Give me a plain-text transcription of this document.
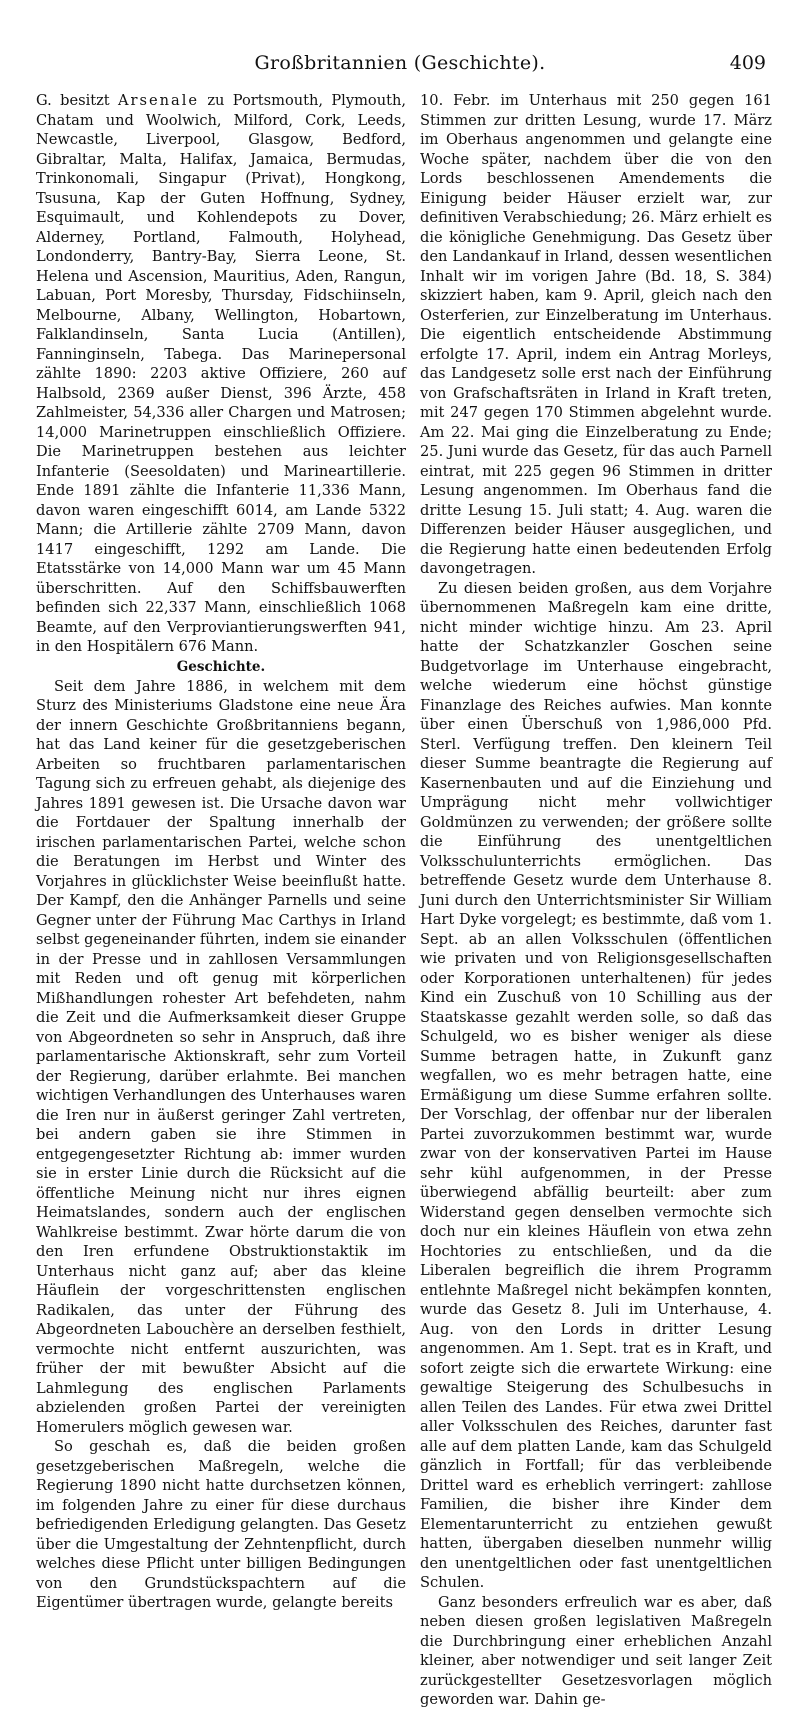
Großbritannien (Geschichte).	409

G. besitzt Arsenale zu Portsmouth, Plymouth, Chatam und Woolwich, Milford, Cork, Leeds, Newcastle, Liverpool, Glasgow, Bedford, Gibraltar, Malta, Halifax, Jamaica, Bermudas, Trinkonomali, Singapur (Privat), Hongkong, Tsusuna, Kap der Guten Hoffnung, Sydney, Esquimault, und Kohlendepots zu Dover, Alderney, Portland, Falmouth, Holyhead, Londonderry, Bantry-Bay, Sierra Leone, St. Helena und Ascension, Mauritius, Aden, Rangun, Labuan, Port Moresby, Thursday, Fidschiinseln, Melbourne, Albany, Wellington, Hobartown, Falklandinseln, Santa Lucia (Antillen), Fanninginseln, Tabega. Das Marinepersonal zählte 1890: 2203 aktive Offiziere, 260 auf Halbsold, 2369 außer Dienst, 396 Ärzte, 458 Zahlmeister, 54,336 aller Chargen und Matrosen; 14,000 Marinetruppen einschließlich Offiziere. Die Marinetruppen bestehen aus leichter Infanterie (Seesoldaten) und Marineartillerie. Ende 1891 zählte die Infanterie 11,336 Mann, davon waren eingeschifft 6014, am Lande 5322 Mann; die Artillerie zählte 2709 Mann, davon 1417 eingeschifft, 1292 am Lande. Die Etatsstärke von 14,000 Mann war um 45 Mann überschritten. Auf den Schiffsbauwerften befinden sich 22,337 Mann, einschließlich 1068 Beamte, auf den Verproviantierungswerften 941, in den Hospitälern 676 Mann.

Geschichte.

Seit dem Jahre 1886, in welchem mit dem Sturz des Ministeriums Gladstone eine neue Ära der innern Geschichte Großbritanniens begann, hat das Land keiner für die gesetzgeberischen Arbeiten so fruchtbaren parlamentarischen Tagung sich zu erfreuen gehabt, als diejenige des Jahres 1891 gewesen ist. Die Ursache davon war die Fortdauer der Spaltung innerhalb der irischen parlamentarischen Partei, welche schon die Beratungen im Herbst und Winter des Vorjahres in glücklichster Weise beeinflußt hatte. Der Kampf, den die Anhänger Parnells und seine Gegner unter der Führung Mac Carthys in Irland selbst gegeneinander führten, indem sie einander in der Presse und in zahllosen Versammlungen mit Reden und oft genug mit körperlichen Mißhandlungen rohester Art befehdeten, nahm die Zeit und die Aufmerksamkeit dieser Gruppe von Abgeordneten so sehr in Anspruch, daß ihre parlamentarische Aktionskraft, sehr zum Vorteil der Regierung, darüber erlahmte. Bei manchen wichtigen Verhandlungen des Unterhauses waren die Iren nur in äußerst geringer Zahl vertreten, bei andern gaben sie ihre Stimmen in entgegengesetzter Richtung ab: immer wurden sie in erster Linie durch die Rücksicht auf die öffentliche Meinung nicht nur ihres eignen Heimatslandes, sondern auch der englischen Wahlkreise bestimmt. Zwar hörte darum die von den Iren erfundene Obstruktionstaktik im Unterhaus nicht ganz auf; aber das kleine Häuflein der vorgeschrittensten englischen Radikalen, das unter der Führung des Abgeordneten Labouchère an derselben festhielt, vermochte nicht entfernt auszurichten, was früher der mit bewußter Absicht auf die Lahmlegung des englischen Parlaments abzielenden großen Partei der vereinigten Homerulers möglich gewesen war.

So geschah es, daß die beiden großen gesetzgeberischen Maßregeln, welche die Regierung 1890 nicht hatte durchsetzen können, im folgenden Jahre zu einer für diese durchaus befriedigenden Erledigung gelangten. Das Gesetz über die Umgestaltung der Zehntenpflicht, durch welches diese Pflicht unter billigen Bedingungen von den Grundstückspachtern auf die Eigentümer übertragen wurde, gelangte bereits

10. Febr. im Unterhaus mit 250 gegen 161 Stimmen zur dritten Lesung, wurde 17. März im Oberhaus angenommen und gelangte eine Woche später, nachdem über die von den Lords beschlossenen Amendements die Einigung beider Häuser erzielt war, zur definitiven Verabschiedung; 26. März erhielt es die königliche Genehmigung. Das Gesetz über den Landankauf in Irland, dessen wesentlichen Inhalt wir im vorigen Jahre (Bd. 18, S. 384) skizziert haben, kam 9. April, gleich nach den Osterferien, zur Einzelberatung im Unterhaus. Die eigentlich entscheidende Abstimmung erfolgte 17. April, indem ein Antrag Morleys, das Landgesetz solle erst nach der Einführung von Grafschaftsräten in Irland in Kraft treten, mit 247 gegen 170 Stimmen abgelehnt wurde. Am 22. Mai ging die Einzelberatung zu Ende; 25. Juni wurde das Gesetz, für das auch Parnell eintrat, mit 225 gegen 96 Stimmen in dritter Lesung angenommen. Im Oberhaus fand die dritte Lesung 15. Juli statt; 4. Aug. waren die Differenzen beider Häuser ausgeglichen, und die Regierung hatte einen bedeutenden Erfolg davongetragen.

Zu diesen beiden großen, aus dem Vorjahre übernommenen Maßregeln kam eine dritte, nicht minder wichtige hinzu. Am 23. April hatte der Schatzkanzler Goschen seine Budgetvorlage im Unterhause eingebracht, welche wiederum eine höchst günstige Finanzlage des Reiches aufwies. Man konnte über einen Überschuß von 1,986,000 Pfd. Sterl. Verfügung treffen. Den kleinern Teil dieser Summe beantragte die Regierung auf Kasernenbauten und auf die Einziehung und Umprägung nicht mehr vollwichtiger Goldmünzen zu verwenden; der größere sollte die Einführung des unentgeltlichen Volksschulunterrichts ermöglichen. Das betreffende Gesetz wurde dem Unterhause 8. Juni durch den Unterrichtsminister Sir William Hart Dyke vorgelegt; es bestimmte, daß vom 1. Sept. ab an allen Volksschulen (öffentlichen wie privaten und von Religionsgesellschaften oder Korporationen unterhaltenen) für jedes Kind ein Zuschuß von 10 Schilling aus der Staatskasse gezahlt werden solle, so daß das Schulgeld, wo es bisher weniger als diese Summe betragen hatte, in Zukunft ganz wegfallen, wo es mehr betragen hatte, eine Ermäßigung um diese Summe erfahren sollte. Der Vorschlag, der offenbar nur der liberalen Partei zuvorzukommen bestimmt war, wurde zwar von der konservativen Partei im Hause sehr kühl aufgenommen, in der Presse überwiegend abfällig beurteilt: aber zum Widerstand gegen denselben vermochte sich doch nur ein kleines Häuflein von etwa zehn Hochtories zu entschließen, und da die Liberalen begreiflich die ihrem Programm entlehnte Maßregel nicht bekämpfen konnten, wurde das Gesetz 8. Juli im Unterhause, 4. Aug. von den Lords in dritter Lesung angenommen. Am 1. Sept. trat es in Kraft, und sofort zeigte sich die erwartete Wirkung: eine gewaltige Steigerung des Schulbesuchs in allen Teilen des Landes. Für etwa zwei Drittel aller Volksschulen des Reiches, darunter fast alle auf dem platten Lande, kam das Schulgeld gänzlich in Fortfall; für das verbleibende Drittel ward es erheblich verringert: zahllose Familien, die bisher ihre Kinder dem Elementarunterricht zu entziehen gewußt hatten, übergaben dieselben nunmehr willig den unentgeltlichen oder fast unentgeltlichen Schulen.

Ganz besonders erfreulich war es aber, daß neben diesen großen legislativen Maßregeln die Durchbringung einer erheblichen Anzahl kleiner, aber notwendiger und seit langer Zeit zurückgestellter Gesetzesvorlagen möglich geworden war. Dahin ge-
